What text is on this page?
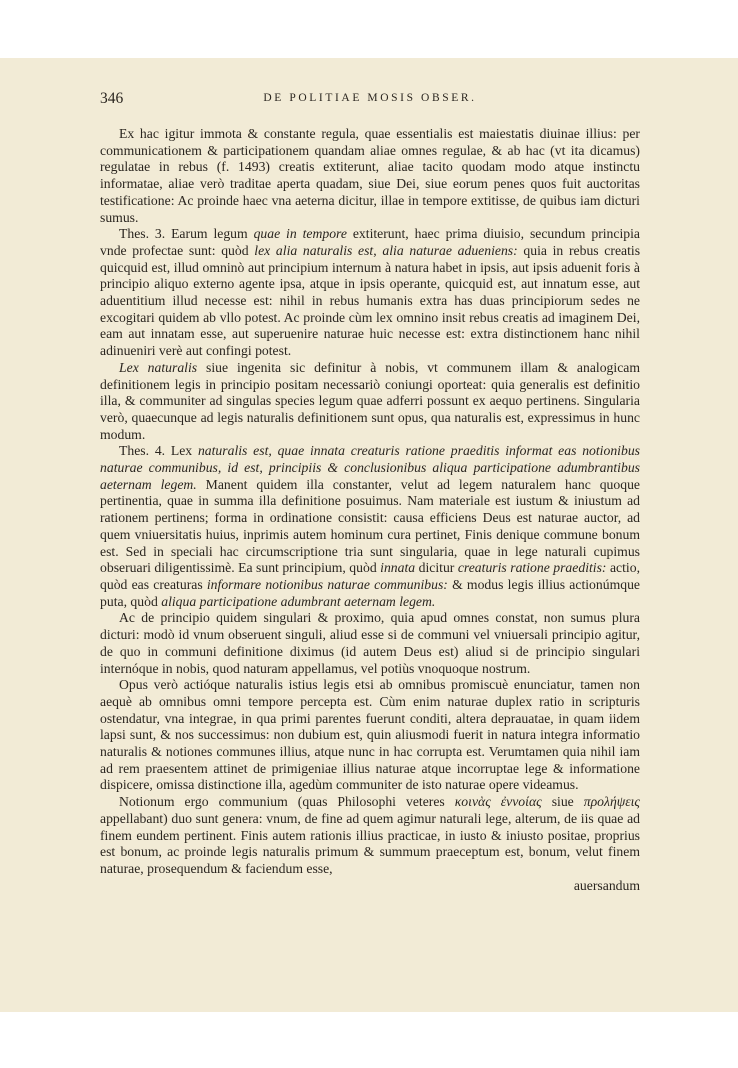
346	DE POLITIAE MOSIS OBSER.

Ex hac igitur immota & constante regula, quae essentialis est maiestatis diuinae illius: per communicationem & participationem quandam aliae omnes regulae, & ab hac (vt ita dicamus) regulatae in rebus (f. 1493) creatis extiterunt, aliae tacito quodam modo atque instinctu informatae, aliae verò traditae aperta quadam, siue Dei, siue eorum penes quos fuit auctoritas testificatione: Ac proinde haec vna aeterna dicitur, illae in tempore extitisse, de quibus iam dicturi sumus.

Thes. 3. Earum legum quae in tempore extiterunt, haec prima diuisio, secundum principia vnde profectae sunt: quòd lex alia naturalis est, alia naturae adueniens: quia in rebus creatis quicquid est, illud omninò aut principium internum à natura habet in ipsis, aut ipsis aduenit foris à principio aliquo externo agente ipsa, atque in ipsis operante, quicquid est, aut innatum esse, aut aduentitium illud necesse est: nihil in rebus humanis extra has duas principiorum sedes ne excogitari quidem ab vllo potest. Ac proinde cùm lex omnino insit rebus creatis ad imaginem Dei, eam aut innatam esse, aut superuenire naturae huic necesse est: extra distinctionem hanc nihil adinueniri verè aut confingi potest.

Lex naturalis siue ingenita sic definitur à nobis, vt communem illam & analogicam definitionem legis in principio positam necessariò coniungi oporteat: quia generalis est definitio illa, & communiter ad singulas species legum quae adferri possunt ex aequo pertinens. Singularia verò, quaecunque ad legis naturalis definitionem sunt opus, qua naturalis est, expressimus in hunc modum.

Thes. 4. Lex naturalis est, quae innata creaturis ratione praeditis informat eas notionibus naturae communibus, id est, principiis & conclusionibus aliqua participatione adumbrantibus aeternam legem. Manent quidem illa constanter, velut ad legem naturalem hanc quoque pertinentia, quae in summa illa definitione posuimus. Nam materiale est iustum & iniustum ad rationem pertinens; forma in ordinatione consistit: causa efficiens Deus est naturae auctor, ad quem vniuersitatis huius, inprimis autem hominum cura pertinet, Finis denique commune bonum est. Sed in speciali hac circumscriptione tria sunt singularia, quae in lege naturali cupimus obseruari diligentissimè. Ea sunt principium, quòd innata dicitur creaturis ratione praeditis: actio, quòd eas creaturas informare notionibus naturae communibus: & modus legis illius actionúmque puta, quòd aliqua participatione adumbrant aeternam legem.

Ac de principio quidem singulari & proximo, quia apud omnes constat, non sumus plura dicturi: modò id vnum obseruent singuli, aliud esse si de communi vel vniuersali principio agitur, de quo in communi definitione diximus (id autem Deus est) aliud si de principio singulari internóque in nobis, quod naturam appellamus, vel potiùs vnoquoque nostrum.

Opus verò actióque naturalis istius legis etsi ab omnibus promiscuè enunciatur, tamen non aequè ab omnibus omni tempore percepta est. Cùm enim naturae duplex ratio in scripturis ostendatur, vna integrae, in qua primi parentes fuerunt conditi, altera deprauatae, in quam iidem lapsi sunt, & nos successimus: non dubium est, quin aliusmodi fuerit in natura integra informatio naturalis & notiones communes illius, atque nunc in hac corrupta est. Verumtamen quia nihil iam ad rem praesentem attinet de primigeniae illius naturae atque incorruptae lege & informatione dispicere, omissa distinctione illa, agedùm communiter de isto naturae opere videamus.

Notionum ergo communium (quas Philosophi veteres κοινὰς ἐννοίας siue προλήψεις appellabant) duo sunt genera: vnum, de fine ad quem agimur naturali lege, alterum, de iis quae ad finem eundem pertinent. Finis autem rationis illius practicae, in iusto & iniusto positae, proprius est bonum, ac proinde legis naturalis primum & summum praeceptum est, bonum, velut finem naturae, prosequendum & faciendum esse,

auersandum
